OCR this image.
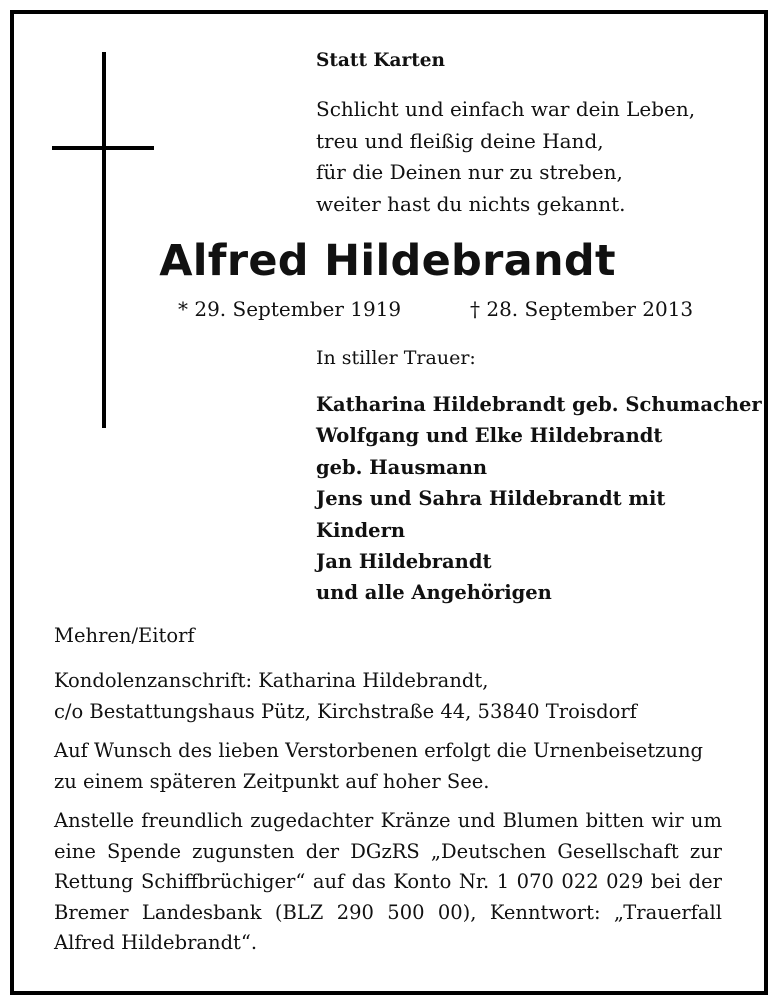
Statt Karten
Schlicht und einfach war dein Leben,
treu und fleißig deine Hand,
für die Deinen nur zu streben,
weiter hast du nichts gekannt.
Alfred Hildebrandt
* 29. September 1919	† 28. September 2013
In stiller Trauer:
Katharina Hildebrandt geb. Schumacher
Wolfgang und Elke Hildebrandt
geb. Hausmann
Jens und Sahra Hildebrandt mit
Kindern
Jan Hildebrandt
und alle Angehörigen
Mehren/Eitorf
Kondolenzanschrift: Katharina Hildebrandt,
c/o Bestattungshaus Pütz, Kirchstraße 44, 53840 Troisdorf
Auf Wunsch des lieben Verstorbenen erfolgt die Urnenbeisetzung zu einem späteren Zeitpunkt auf hoher See.
Anstelle freundlich zugedachter Kränze und Blumen bitten wir um eine Spende zugunsten der DGzRS „Deutschen Gesellschaft zur Rettung Schiffbrüchiger“ auf das Konto Nr. 1 070 022 029 bei der Bremer Landesbank (BLZ 290 500 00), Kenntwort: „Trauerfall Alfred Hildebrandt“.
